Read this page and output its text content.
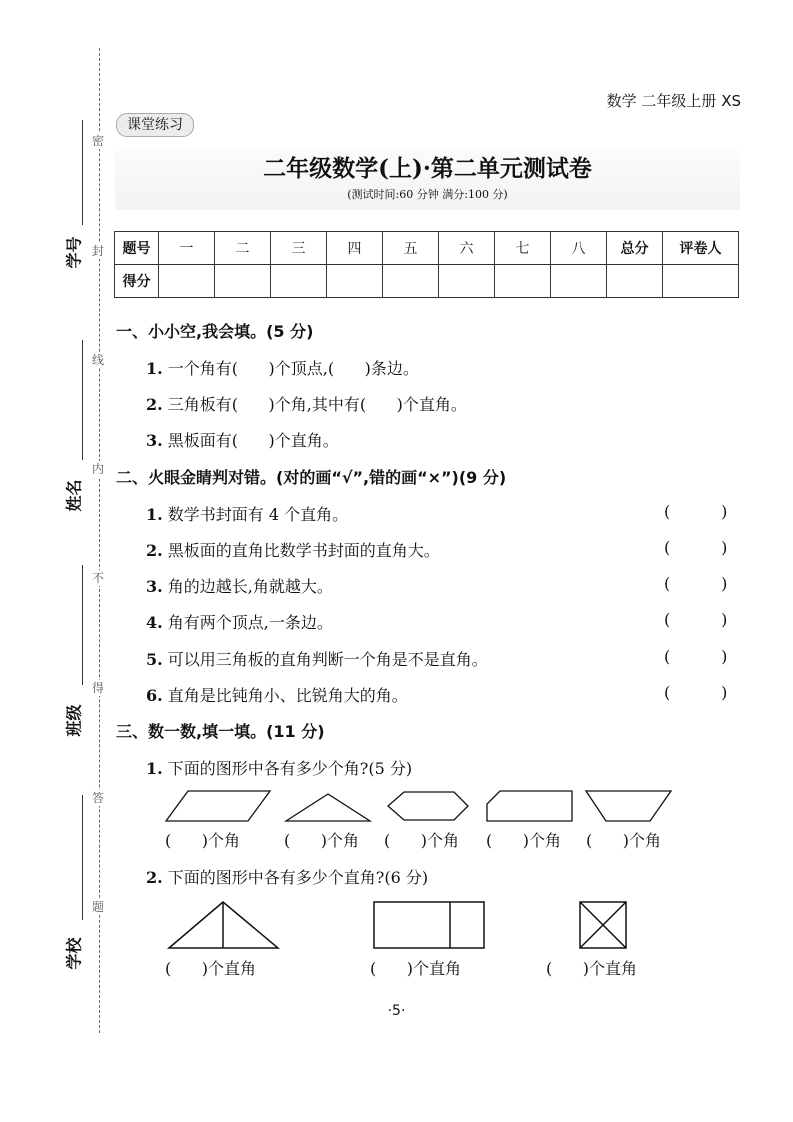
密
封
线
内
不
得
答
题
学号
姓名
班级
学校
数学 二年级上册 XS
课堂练习
二年级数学(上)·第二单元测试卷
(测试时间:60 分钟 满分:100 分)
题号	一	二	三	四	五	六	七	八	总分	评卷人
得分										
一、小小空,我会填。(5 分)
1. 一个角有(      )个顶点,(      )条边。
2. 三角板有(      )个角,其中有(      )个直角。
3. 黑板面有(      )个直角。
二、火眼金睛判对错。(对的画“√”,错的画“×”)(9 分)
1. 数学书封面有 4 个直角。	(          )
2. 黑板面的直角比数学书封面的直角大。	(          )
3. 角的边越长,角就越大。	(          )
4. 角有两个顶点,一条边。	(          )
5. 可以用三角板的直角判断一个角是不是直角。	(          )
6. 直角是比钝角小、比锐角大的角。	(          )
三、数一数,填一填。(11 分)
1. 下面的图形中各有多少个角?(5 分)
(      )个角	(      )个角 (      )个角 (      )个角 (      )个角
2. 下面的图形中各有多少个直角?(6 分)
(      )个直角	(      )个直角	(      )个直角
·5·
